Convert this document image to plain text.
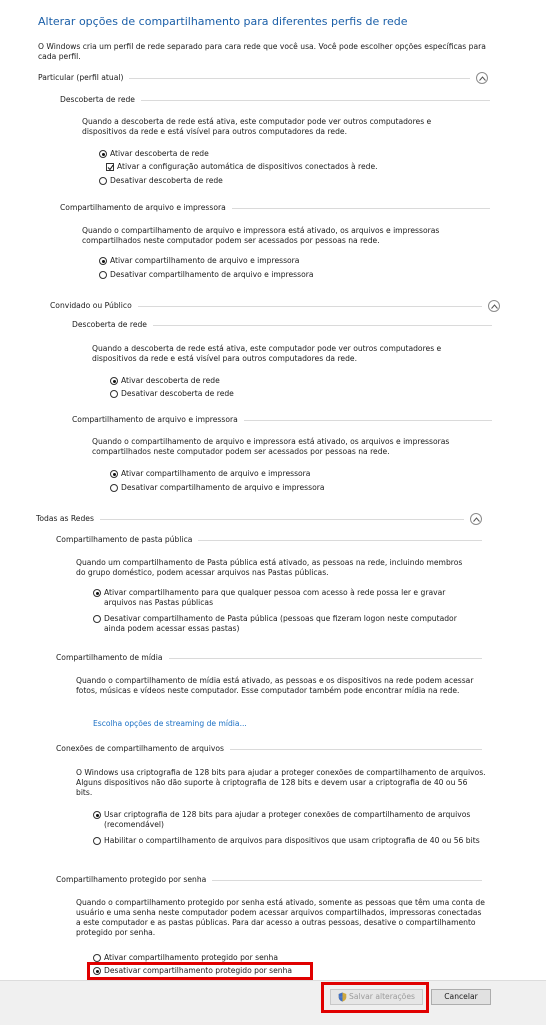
Alterar opções de compartilhamento para diferentes perfis de rede
O Windows cria um perfil de rede separado para cara rede que você usa. Você pode escolher opções específicas para cada perfil.
Particular (perfil atual)
Descoberta de rede
Quando a descoberta de rede está ativa, este computador pode ver outros computadores e dispositivos da rede e está visível para outros computadores da rede.
Ativar descoberta de rede
Ativar a configuração automática de dispositivos conectados à rede.
Desativar descoberta de rede
Compartilhamento de arquivo e impressora
Quando o compartilhamento de arquivo e impressora está ativado, os arquivos e impressoras compartilhados neste computador podem ser acessados por pessoas na rede.
Ativar compartilhamento de arquivo e impressora
Desativar compartilhamento de arquivo e impressora
Convidado ou Público
Descoberta de rede
Quando a descoberta de rede está ativa, este computador pode ver outros computadores e dispositivos da rede e está visível para outros computadores da rede.
Ativar descoberta de rede
Desativar descoberta de rede
Compartilhamento de arquivo e impressora
Quando o compartilhamento de arquivo e impressora está ativado, os arquivos e impressoras compartilhados neste computador podem ser acessados por pessoas na rede.
Ativar compartilhamento de arquivo e impressora
Desativar compartilhamento de arquivo e impressora
Todas as Redes
Compartilhamento de pasta pública
Quando um compartilhamento de Pasta pública está ativado, as pessoas na rede, incluindo membros do grupo doméstico, podem acessar arquivos nas Pastas públicas.
Ativar compartilhamento para que qualquer pessoa com acesso à rede possa ler e gravar arquivos nas Pastas públicas
Desativar compartilhamento de Pasta pública (pessoas que fizeram logon neste computador ainda podem acessar essas pastas)
Compartilhamento de mídia
Quando o compartilhamento de mídia está ativado, as pessoas e os dispositivos na rede podem acessar fotos, músicas e vídeos neste computador. Esse computador também pode encontrar mídia na rede.
Escolha opções de streaming de mídia...
Conexões de compartilhamento de arquivos
O Windows usa criptografia de 128 bits para ajudar a proteger conexões de compartilhamento de arquivos. Alguns dispositivos não dão suporte à criptografia de 128 bits e devem usar a criptografia de 40 ou 56 bits.
Usar criptografia de 128 bits para ajudar a proteger conexões de compartilhamento de arquivos (recomendável)
Habilitar o compartilhamento de arquivos para dispositivos que usam criptografia de 40 ou 56 bits
Compartilhamento protegido por senha
Quando o compartilhamento protegido por senha está ativado, somente as pessoas que têm uma conta de usuário e uma senha neste computador podem acessar arquivos compartilhados, impressoras conectadas a este computador e as pastas públicas. Para dar acesso a outras pessoas, desative o compartilhamento protegido por senha.
Ativar compartilhamento protegido por senha
Desativar compartilhamento protegido por senha
Salvar alterações	Cancelar
